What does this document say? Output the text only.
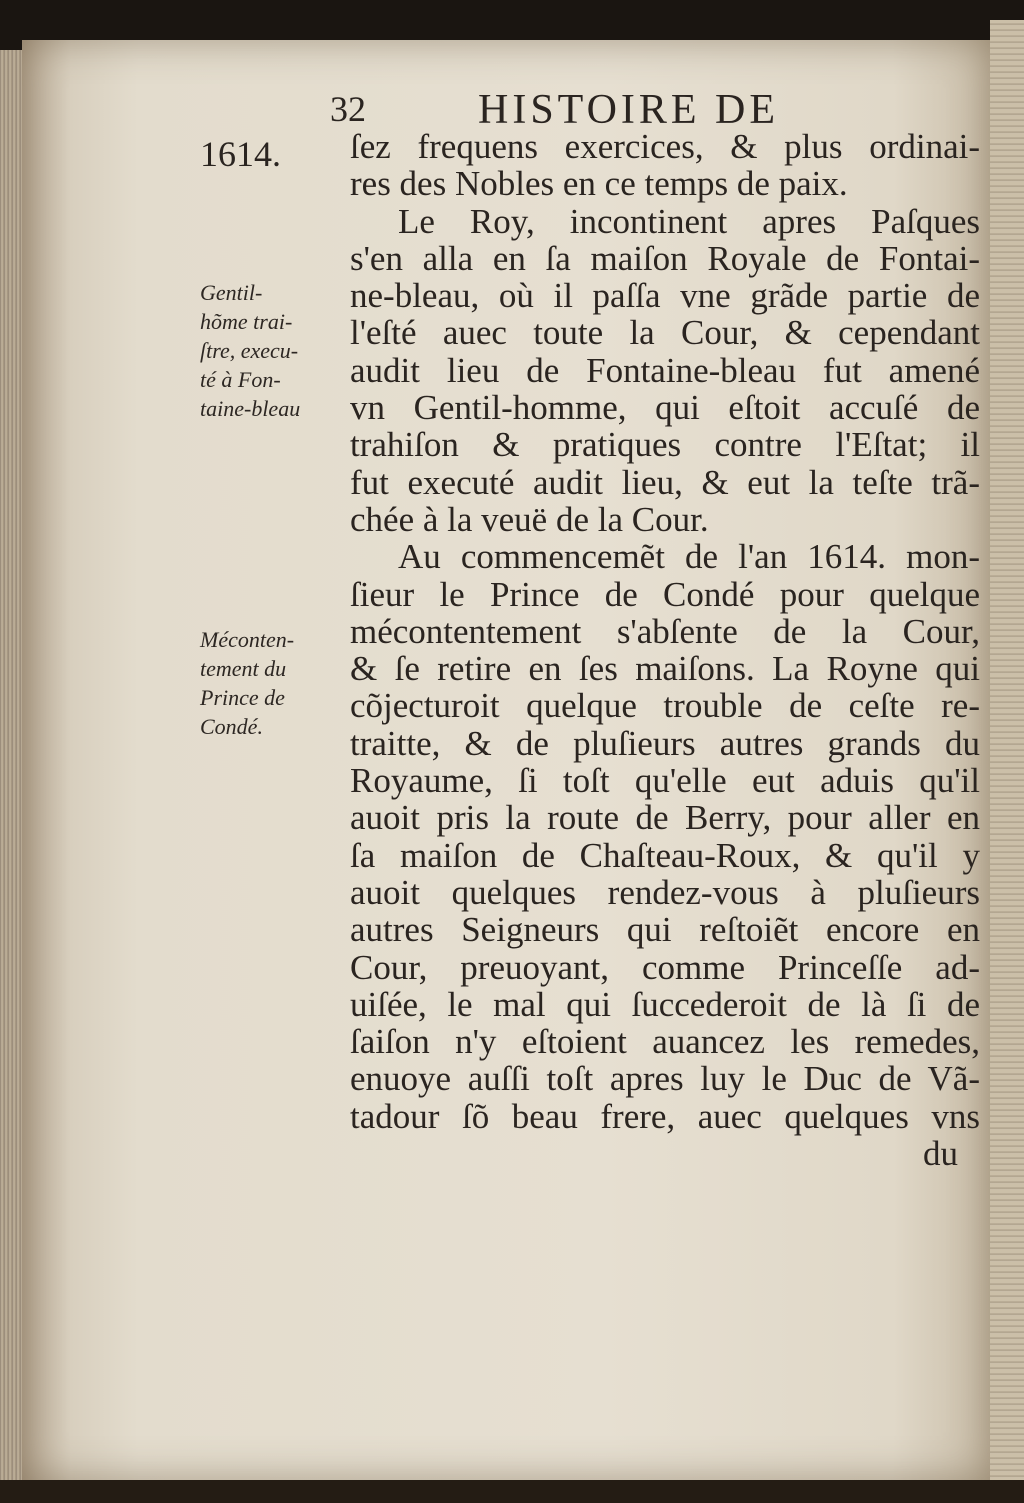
32	HISTOIRE DE
1614.
Gentil-
hõme trai-
ſtre, execu-
té à Fon-
taine-bleau
Méconten-
tement du
Prince de
Condé.
ſez frequens exercices, & plus ordinai-
res des Nobles en ce temps de paix.
Le Roy, incontinent apres Paſques
s'en alla en ſa maiſon Royale de Fontai-
ne-bleau, où il paſſa vne grãde partie de
l'eſté auec toute la Cour, & cependant
audit lieu de Fontaine-bleau fut amené
vn Gentil-homme, qui eſtoit accuſé de
trahiſon & pratiques contre l'Eſtat; il
fut executé audit lieu, & eut la teſte trã-
chée à la veuë de la Cour.
Au commencemẽt de l'an 1614. mon-
ſieur le Prince de Condé pour quelque
mécontentement s'abſente de la Cour,
& ſe retire en ſes maiſons. La Royne qui
cõjecturoit quelque trouble de ceſte re-
traitte, & de pluſieurs autres grands du
Royaume, ſi toſt qu'elle eut aduis qu'il
auoit pris la route de Berry, pour aller en
ſa maiſon de Chaſteau-Roux, & qu'il y
auoit quelques rendez-vous à pluſieurs
autres Seigneurs qui reſtoiẽt encore en
Cour, preuoyant, comme Princeſſe ad-
uiſée, le mal qui ſuccederoit de là ſi de
ſaiſon n'y eſtoient auancez les remedes,
enuoye auſſi toſt apres luy le Duc de Vã-
tadour ſõ beau frere, auec quelques vns
du
